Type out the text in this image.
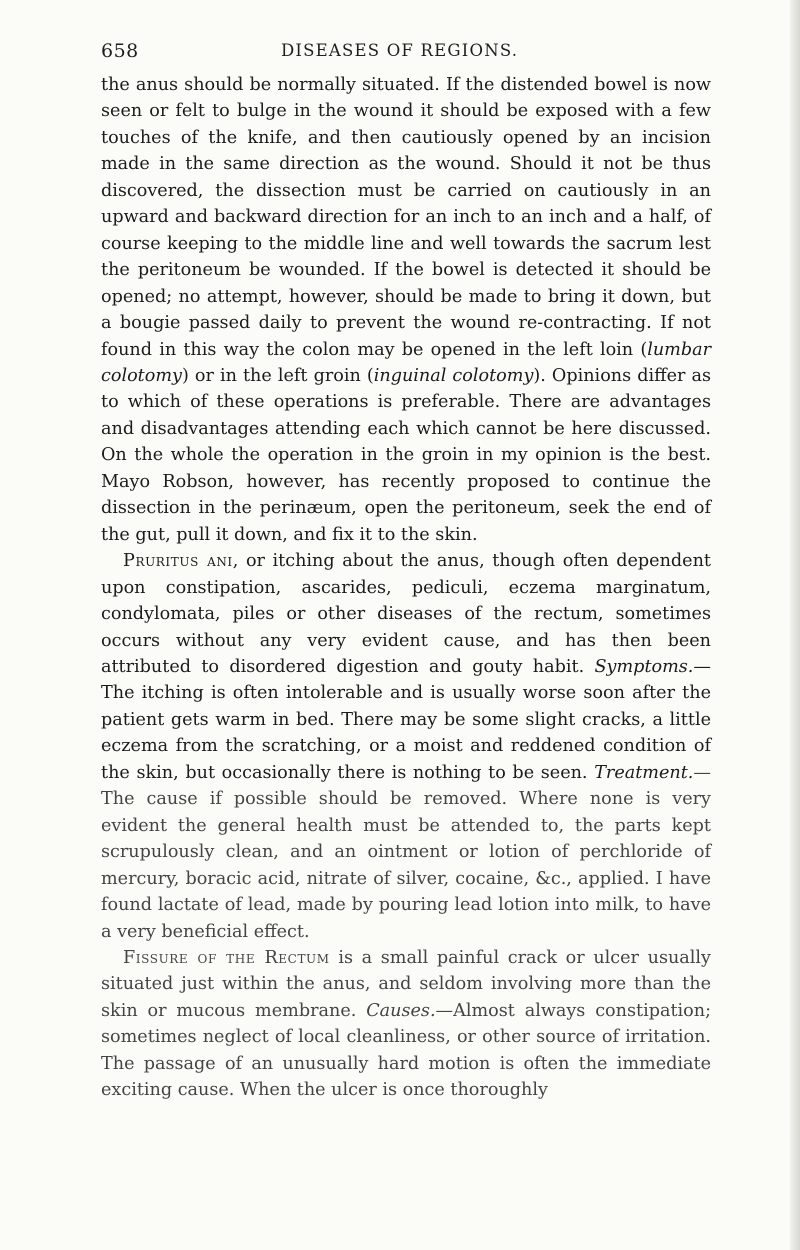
658	DISEASES OF REGIONS.

the anus should be normally situated. If the distended bowel is now seen or felt to bulge in the wound it should be exposed with a few touches of the knife, and then cautiously opened by an incision made in the same direction as the wound. Should it not be thus discovered, the dissection must be carried on cautiously in an upward and backward direction for an inch to an inch and a half, of course keeping to the middle line and well towards the sacrum lest the peritoneum be wounded. If the bowel is detected it should be opened; no attempt, however, should be made to bring it down, but a bougie passed daily to prevent the wound re-contracting. If not found in this way the colon may be opened in the left loin (lumbar colotomy) or in the left groin (inguinal colotomy). Opinions differ as to which of these operations is preferable. There are advantages and disadvantages attending each which cannot be here discussed. On the whole the operation in the groin in my opinion is the best. Mayo Robson, however, has recently proposed to continue the dissection in the perinæum, open the peritoneum, seek the end of the gut, pull it down, and fix it to the skin.

Pruritus ani, or itching about the anus, though often dependent upon constipation, ascarides, pediculi, eczema marginatum, condylomata, piles or other diseases of the rectum, sometimes occurs without any very evident cause, and has then been attributed to disordered digestion and gouty habit. Symptoms.—The itching is often intolerable and is usually worse soon after the patient gets warm in bed. There may be some slight cracks, a little eczema from the scratching, or a moist and reddened condition of the skin, but occasionally there is nothing to be seen. Treatment.—The cause if possible should be removed. Where none is very evident the general health must be attended to, the parts kept scrupulously clean, and an ointment or lotion of perchloride of mercury, boracic acid, nitrate of silver, cocaine, &c., applied. I have found lactate of lead, made by pouring lead lotion into milk, to have a very beneficial effect.

Fissure of the Rectum is a small painful crack or ulcer usually situated just within the anus, and seldom involving more than the skin or mucous membrane. Causes.—Almost always constipation; sometimes neglect of local cleanliness, or other source of irritation. The passage of an unusually hard motion is often the immediate exciting cause. When the ulcer is once thoroughly
